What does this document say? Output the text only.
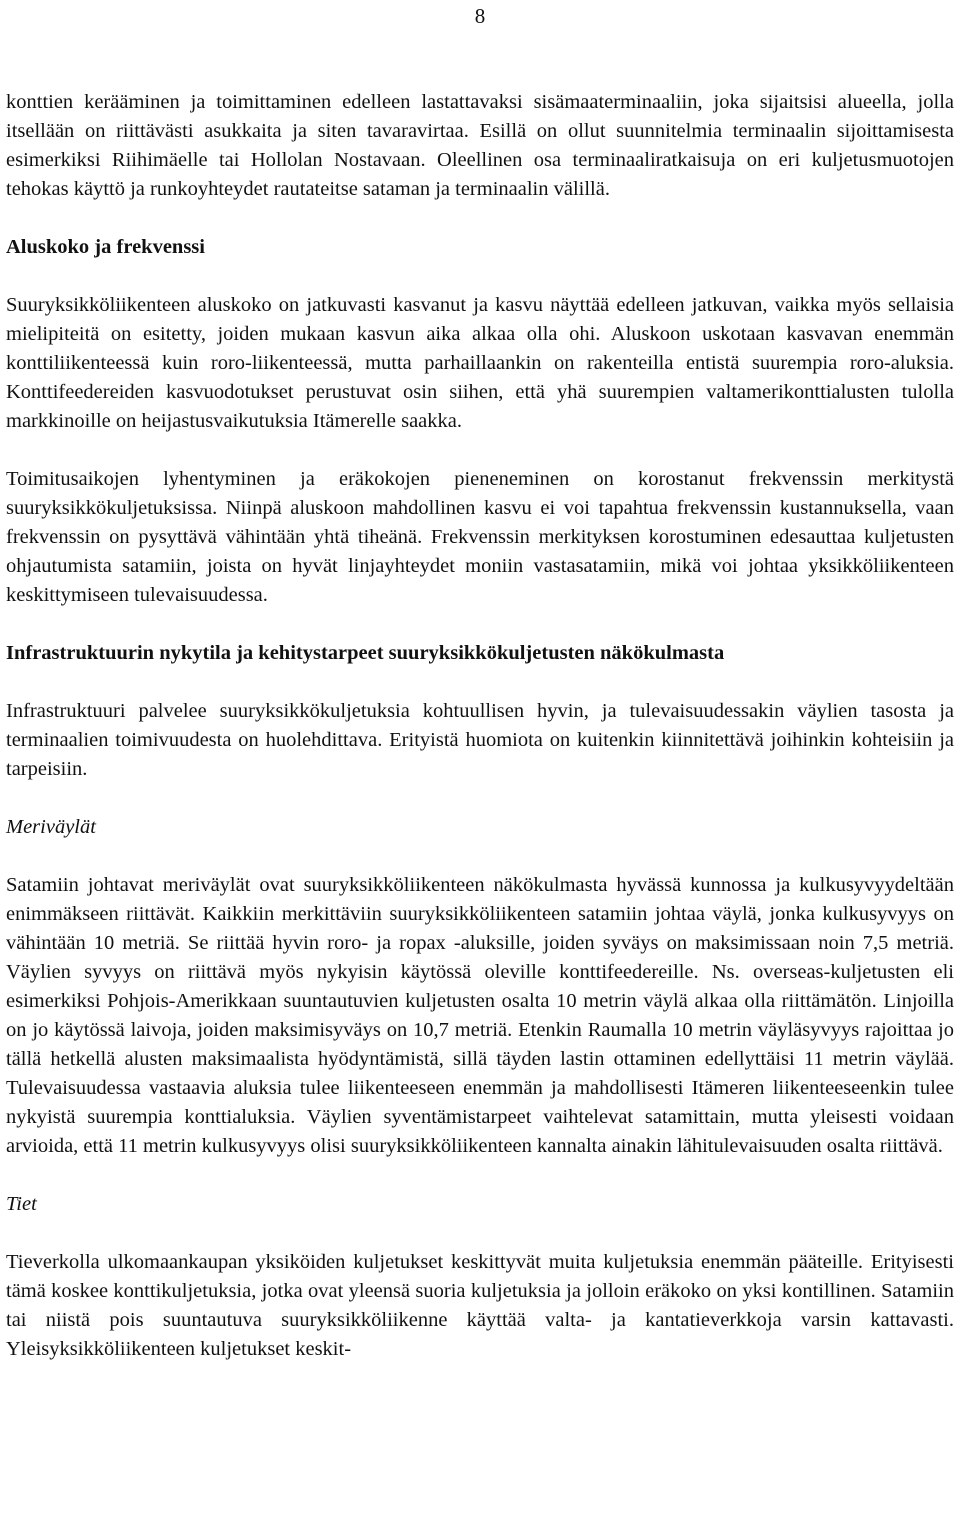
8

konttien kerääminen ja toimittaminen edelleen lastattavaksi sisämaaterminaaliin, joka sijaitsisi alueella, jolla itsellään on riittävästi asukkaita ja siten tavaravirtaa. Esillä on ollut suunnitelmia terminaalin sijoittamisesta esimerkiksi Riihimäelle tai Hollolan Nostavaan. Oleellinen osa terminaaliratkaisuja on eri kuljetusmuotojen tehokas käyttö ja runkoyhteydet rautateitse sataman ja terminaalin välillä.

Aluskoko ja frekvenssi

Suuryksikköliikenteen aluskoko on jatkuvasti kasvanut ja kasvu näyttää edelleen jatkuvan, vaikka myös sellaisia mielipiteitä on esitetty, joiden mukaan kasvun aika alkaa olla ohi. Aluskoon uskotaan kasvavan enemmän konttiliikenteessä kuin roro-liikenteessä, mutta parhaillaankin on rakenteilla entistä suurempia roro-aluksia. Konttifeedereiden kasvuodotukset perustuvat osin siihen, että yhä suurempien valtamerikonttialusten tulolla markkinoille on heijastusvaikutuksia Itämerelle saakka.

Toimitusaikojen lyhentyminen ja eräkokojen pieneneminen on korostanut frekvenssin merkitystä suuryksikkökuljetuksissa. Niinpä aluskoon mahdollinen kasvu ei voi tapahtua frekvenssin kustannuksella, vaan frekvenssin on pysyttävä vähintään yhtä tiheänä. Frekvenssin merkityksen korostuminen edesauttaa kuljetusten ohjautumista satamiin, joista on hyvät linjayhteydet moniin vastasatamiin, mikä voi johtaa yksikköliikenteen keskittymiseen tulevaisuudessa.

Infrastruktuurin nykytila ja kehitystarpeet suuryksikkökuljetusten näkökulmasta

Infrastruktuuri palvelee suuryksikkökuljetuksia kohtuullisen hyvin, ja tulevaisuudessakin väylien tasosta ja terminaalien toimivuudesta on huolehdittava. Erityistä huomiota on kuitenkin kiinnitettävä joihinkin kohteisiin ja tarpeisiin.

Meriväylät

Satamiin johtavat meriväylät ovat suuryksikköliikenteen näkökulmasta hyvässä kunnossa ja kulkusyvyydeltään enimmäkseen riittävät. Kaikkiin merkittäviin suuryksikköliikenteen satamiin johtaa väylä, jonka kulkusyvyys on vähintään 10 metriä. Se riittää hyvin roro- ja ropax -aluksille, joiden syväys on maksimissaan noin 7,5 metriä. Väylien syvyys on riittävä myös nykyisin käytössä oleville konttifeedereille. Ns. overseas-kuljetusten eli esimerkiksi Pohjois-Amerikkaan suuntautuvien kuljetusten osalta 10 metrin väylä alkaa olla riittämätön. Linjoilla on jo käytössä laivoja, joiden maksimisyväys on 10,7 metriä. Etenkin Raumalla 10 metrin väyläsyvyys rajoittaa jo tällä hetkellä alusten maksimaalista hyödyntämistä, sillä täyden lastin ottaminen edellyttäisi 11 metrin väylää. Tulevaisuudessa vastaavia aluksia tulee liikenteeseen enemmän ja mahdollisesti Itämeren liikenteeseenkin tulee nykyistä suurempia konttialuksia. Väylien syventämistarpeet vaihtelevat satamittain, mutta yleisesti voidaan arvioida, että 11 metrin kulkusyvyys olisi suuryksikköliikenteen kannalta ainakin lähitulevaisuuden osalta riittävä.

Tiet

Tieverkolla ulkomaankaupan yksiköiden kuljetukset keskittyvät muita kuljetuksia enemmän pääteille. Erityisesti tämä koskee konttikuljetuksia, jotka ovat yleensä suoria kuljetuksia ja jolloin eräkoko on yksi kontillinen. Satamiin tai niistä pois suuntautuva suuryksikköliikenne käyttää valta- ja kantatieverkkoja varsin kattavasti. Yleisyksikköliikenteen kuljetukset keskit-
